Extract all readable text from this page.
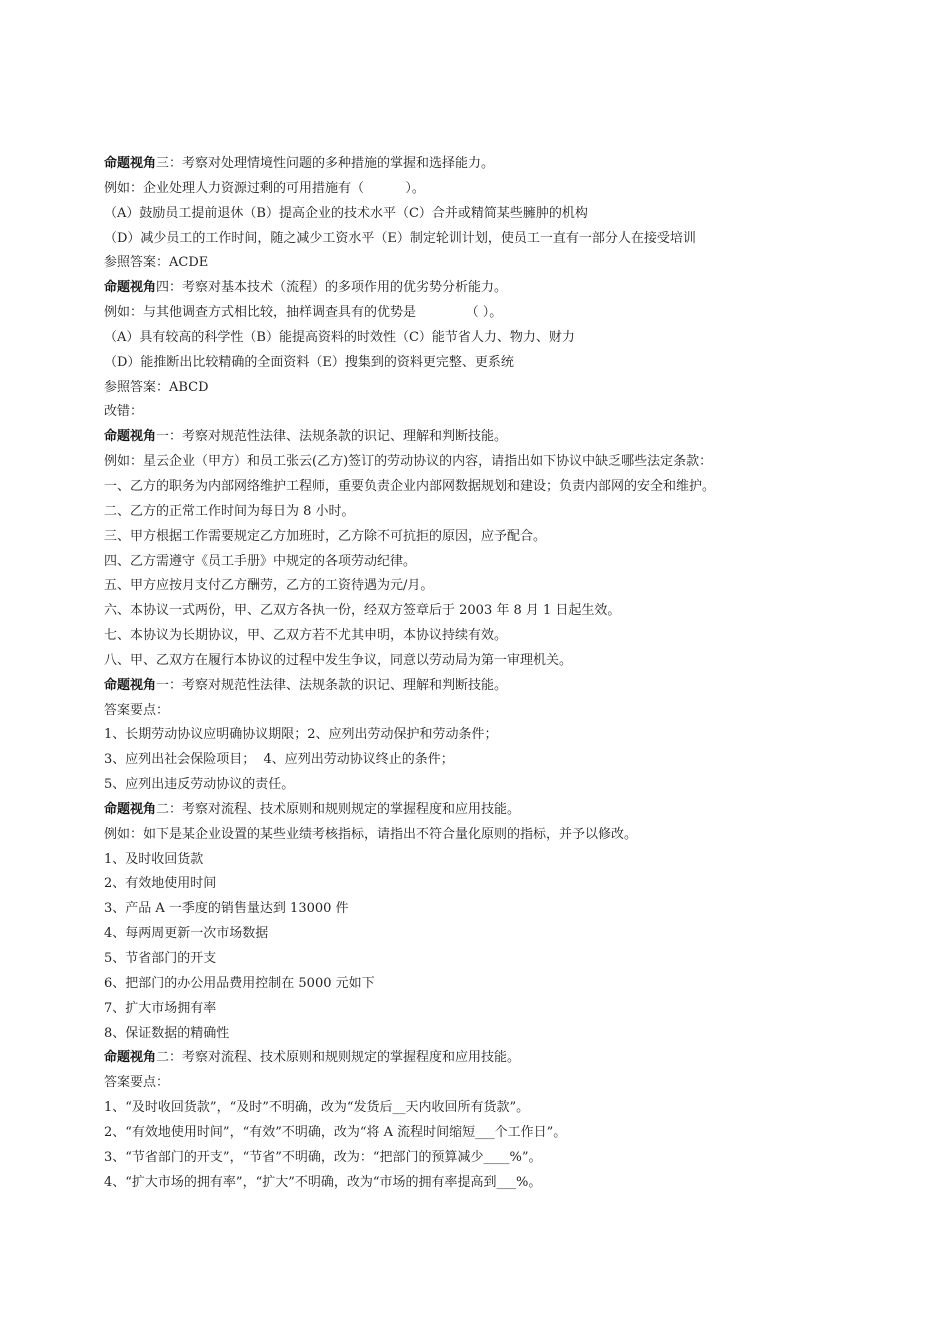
命题视角三：考察对处理情境性问题的多种措施的掌握和选择能力。
例如：企业处理人力资源过剩的可用措施有（          ）。
（A）鼓励员工提前退休（B）提高企业的技术水平（C）合并或精简某些臃肿的机构
（D）减少员工的工作时间，随之减少工资水平（E）制定轮训计划，使员工一直有一部分人在接受培训
参照答案：ACDE
命题视角四：考察对基本技术（流程）的多项作用的优劣势分析能力。
例如：与其他调查方式相比较，抽样调查具有的优势是            （ ）。
（A）具有较高的科学性（B）能提高资料的时效性（C）能节省人力、物力、财力
（D）能推断出比较精确的全面资料（E）搜集到的资料更完整、更系统
参照答案：ABCD
改错：
命题视角一：考察对规范性法律、法规条款的识记、理解和判断技能。
例如：星云企业（甲方）和员工张云(乙方)签订的劳动协议的内容，请指出如下协议中缺乏哪些法定条款：
一、乙方的职务为内部网络维护工程师，重要负责企业内部网数据规划和建设；负责内部网的安全和维护。
二、乙方的正常工作时间为每日为 8 小时。
三、甲方根据工作需要规定乙方加班时，乙方除不可抗拒的原因，应予配合。
四、乙方需遵守《员工手册》中规定的各项劳动纪律。
五、甲方应按月支付乙方酬劳，乙方的工资待遇为元/月。
六、本协议一式两份，甲、乙双方各执一份，经双方签章后于 2003 年 8 月 1 日起生效。
七、本协议为长期协议，甲、乙双方若不尤其申明，本协议持续有效。
八、甲、乙双方在履行本协议的过程中发生争议，同意以劳动局为第一审理机关。
命题视角一：考察对规范性法律、法规条款的识记、理解和判断技能。
答案要点：
1、长期劳动协议应明确协议期限；2、应列出劳动保护和劳动条件；
3、应列出社会保险项目；  4、应列出劳动协议终止的条件；
5、应列出违反劳动协议的责任。
命题视角二：考察对流程、技术原则和规则规定的掌握程度和应用技能。
例如：如下是某企业设置的某些业绩考核指标，请指出不符合量化原则的指标，并予以修改。
1、及时收回货款
2、有效地使用时间
3、产品 A 一季度的销售量达到 13000 件
4、每两周更新一次市场数据
5、节省部门的开支
6、把部门的办公用品费用控制在 5000 元如下
7、扩大市场拥有率
8、保证数据的精确性
命题视角二：考察对流程、技术原则和规则规定的掌握程度和应用技能。
答案要点：
1、“及时收回货款”，“及时”不明确，改为“发货后__天内收回所有货款”。
2、“有效地使用时间”，“有效”不明确，改为“将 A 流程时间缩短___个工作日”。
3、“节省部门的开支”，“节省”不明确，改为：“把部门的预算减少____%”。
4、“扩大市场的拥有率”，“扩大”不明确，改为“市场的拥有率提高到___%。
